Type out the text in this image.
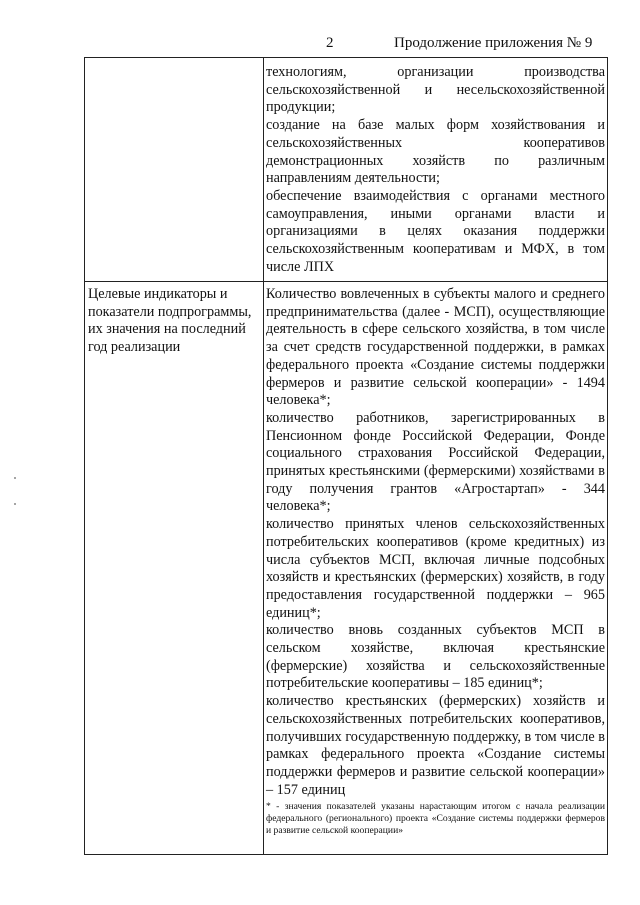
2	Продолжение приложения № 9

технологиям, организации производства сельскохозяйственной и несельскохозяйственной продукции;

создание на базе малых форм хозяйствования и сельскохозяйственных кооперативов демонстрационных хозяйств по различным направлениям деятельности;

обеспечение взаимодействия с органами местного самоуправления, иными органами власти и организациями в целях оказания поддержки сельскохозяйственным кооперативам и МФХ, в том числе ЛПХ

Целевые индикаторы и показатели подпрограммы, их значения на последний год реализации

Количество вовлеченных в субъекты малого и среднего предпринимательства (далее - МСП), осуществляющие деятельность в сфере сельского хозяйства, в том числе за счет средств государственной поддержки, в рамках федерального проекта «Создание системы поддержки фермеров и развитие сельской кооперации» - 1494 человека*;

количество работников, зарегистрированных в Пенсионном фонде Российской Федерации, Фонде социального страхования Российской Федерации, принятых крестьянскими (фермерскими) хозяйствами в году получения грантов «Агростартап» - 344 человека*;

количество принятых членов сельскохозяйственных потребительских кооперативов (кроме кредитных) из числа субъектов МСП, включая личные подсобных хозяйств и крестьянских (фермерских) хозяйств, в году предоставления государственной поддержки – 965 единиц*;

количество вновь созданных субъектов МСП в сельском хозяйстве, включая крестьянские (фермерские) хозяйства и сельскохозяйственные потребительские кооперативы – 185 единиц*;

количество крестьянских (фермерских) хозяйств и сельскохозяйственных потребительских кооперативов, получивших государственную поддержку, в том числе в рамках федерального проекта «Создание системы поддержки фермеров и развитие сельской кооперации» – 157 единиц

* - значения показателей указаны нарастающим итогом с начала реализации федерального (регионального) проекта «Создание системы поддержки фермеров и развитие сельской кооперации»
